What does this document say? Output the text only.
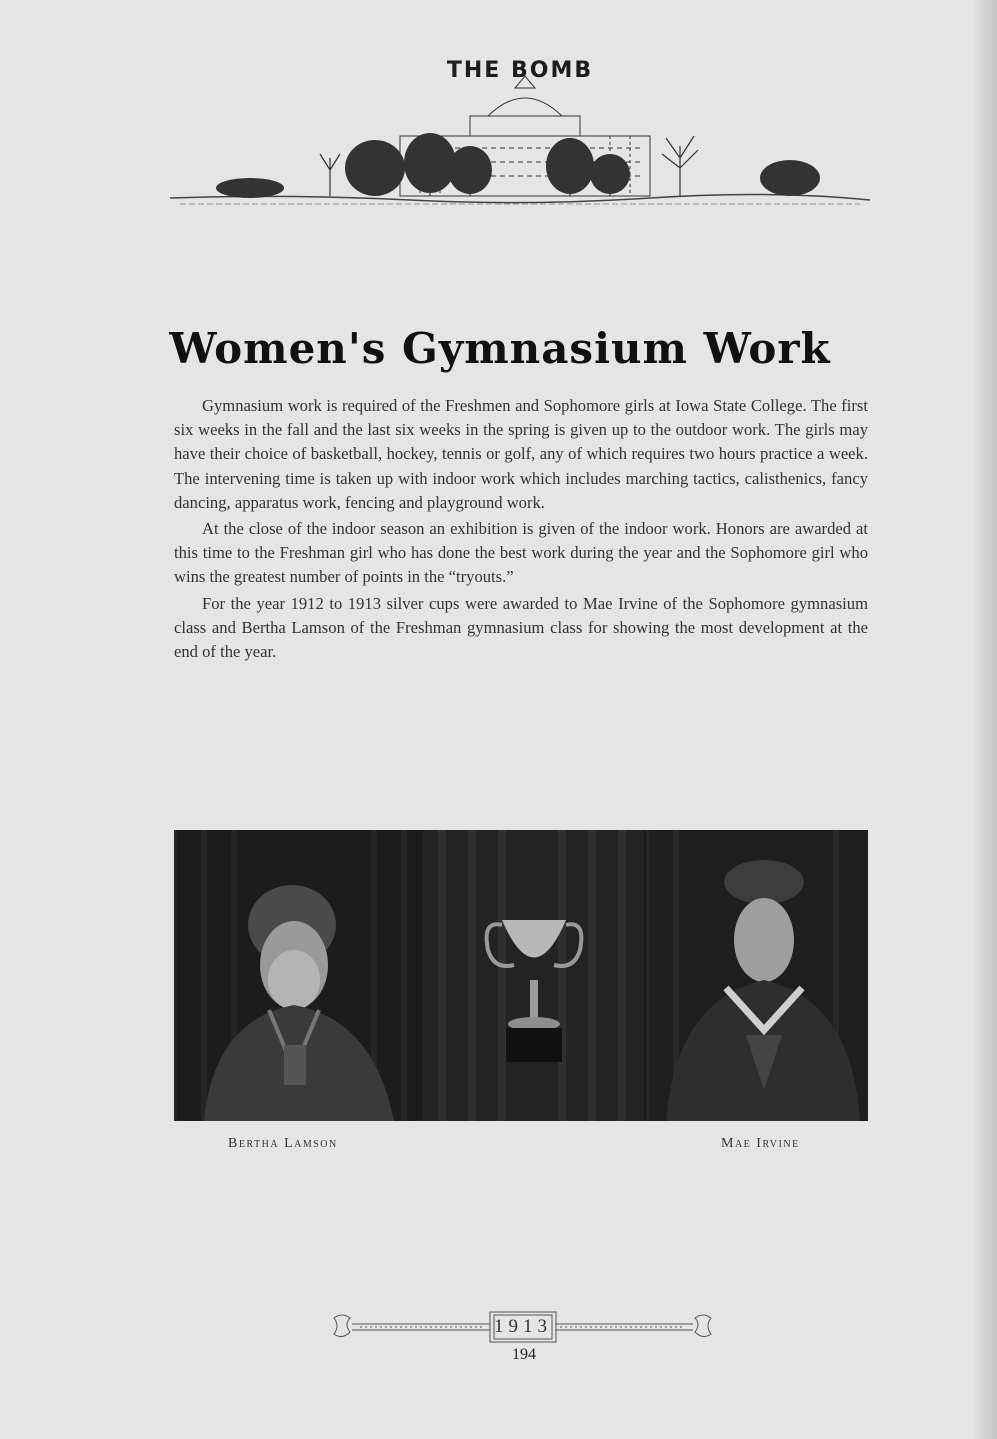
THE BOMB
Women's Gymnasium Work

Gymnasium work is required of the Freshmen and Sophomore girls at Iowa State College. The first six weeks in the fall and the last six weeks in the spring is given up to the outdoor work. The girls may have their choice of basketball, hockey, tennis or golf, any of which requires two hours practice a week. The intervening time is taken up with indoor work which includes marching tactics, calisthenics, fancy dancing, apparatus work, fencing and playground work.

At the close of the indoor season an exhibition is given of the indoor work. Honors are awarded at this time to the Freshman girl who has done the best work during the year and the Sophomore girl who wins the greatest number of points in the “tryouts.”

For the year 1912 to 1913 silver cups were awarded to Mae Irvine of the Sophomore gymnasium class and Bertha Lamson of the Freshman gymnasium class for showing the most development at the end of the year.

Bertha Lamson	Mae Irvine
1913
194
